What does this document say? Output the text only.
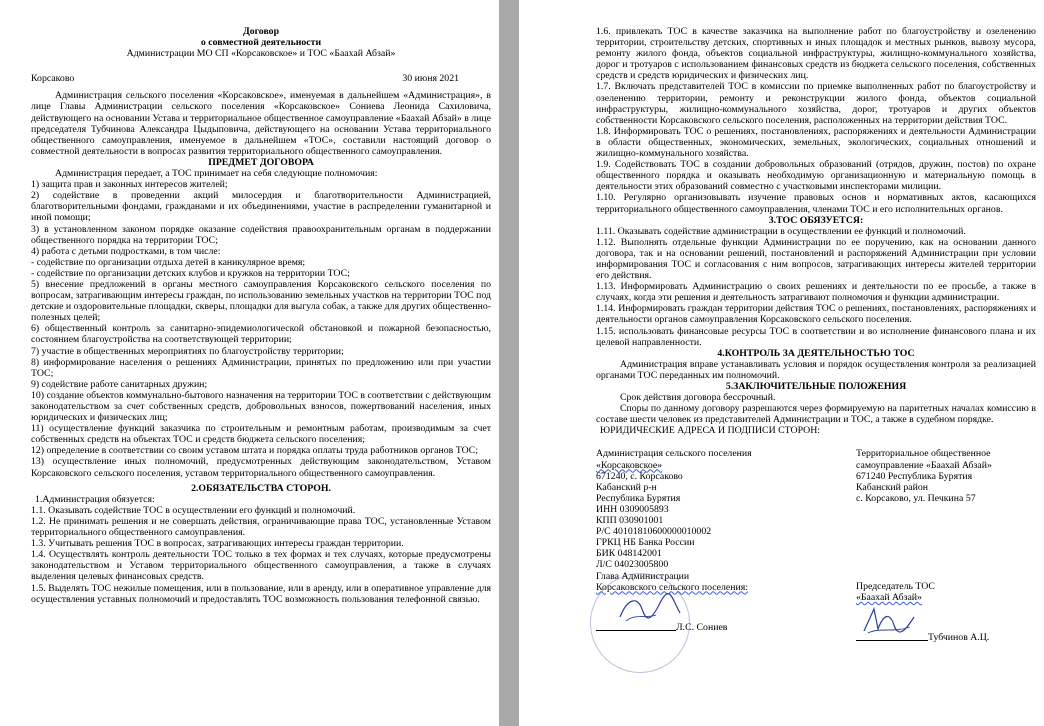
Договор
о совместной деятельности

Администрации МО СП «Корсаковское» и ТОС «Баахай Абзай»

Корсаково	30 июня 2021

Администрация сельского поселения «Корсаковское», именуемая в дальнейшем «Администрация», в лице Главы Администрации сельского поселения «Корсаковское» Сониева Леонида Сахиловича, действующего на основании Устава и территориальное общественное самоуправление «Баахай Абзай» в лице председателя Тубчинова Александра Цыдыповича, действующего на основании Устава территориального общественного самоуправления, именуемое в дальнейшем «ТОС», составили настоящий договор о совместной деятельности в вопросах развития территориального общественного самоуправления.

ПРЕДМЕТ ДОГОВОРА

Администрация передает, а ТОС принимает на себя следующие полномочия:

1) защита прав и законных интересов жителей;

2) содействие в проведении акций милосердия и благотворительности Администрацией, благотворительными фондами, гражданами и их объединениями, участие в распределении гуманитарной и иной помощи;

3) в установленном законом порядке оказание содействия правоохранительным органам в поддержании общественного порядка на территории ТОС;

4) работа с детьми подростками, в том числе:

- содействие по организации отдыха детей в каникулярное время;

- содействие по организации детских клубов и кружков на территории ТОС;

5) внесение предложений в органы местного самоуправления Корсаковского сельского поселения по вопросам, затрагивающим интересы граждан, по использованию земельных участков на территории ТОС под детские и оздоровительные площадки, скверы, площадки для выгула собак, а также для других общественно-полезных целей;

6) общественный контроль за санитарно-эпидемиологической обстановкой и пожарной безопасностью, состоянием благоустройства на соответствующей территории;

7) участие в общественных мероприятиях по благоустройству территории;

8) информирование населения о решениях Администрации, принятых по предложению или при участии ТОС;

9) содействие работе санитарных дружин;

10) создание объектов коммунально-бытового назначения на территории ТОС в соответствии с действующим законодательством за счет собственных средств, добровольных взносов, пожертвований населения, иных юридических и физических лиц;

11) осуществление функций заказчика по строительным и ремонтным работам, производимым за счет собственных средств на объектах ТОС и средств бюджета сельского поселения;

12) определение в соответствии со своим уставом штата и порядка оплаты труда работников органов ТОС;

13) осуществление иных полномочий, предусмотренных действующим законодательством, Уставом Корсаковского сельского поселения, уставом территориального общественного самоуправления.

2.ОБЯЗАТЕЛЬСТВА СТОРОН.

1.Администрация обязуется:

1.1. Оказывать содействие ТОС в осуществлении его функций и полномочий.

1.2. Не принимать решения и не совершать действия, ограничивающие права ТОС, установленные Уставом территориального общественного самоуправления.

1.3. Учитывать решения ТОС в вопросах, затрагивающих интересы граждан территории.

1.4. Осуществлять контроль деятельности ТОС только в тех формах и тех случаях, которые предусмотрены законодательством и Уставом территориального общественного самоуправления, а также в случаях выделения целевых финансовых средств.

1.5. Выделять ТОС нежилые помещения, или в пользование, или в аренду, или в оперативное управление для осуществления уставных полномочий и предоставлять ТОС возможность пользования телефонной связью.

1.6. привлекать ТОС в качестве заказчика на выполнение работ по благоустройству и озеленению территории, строительству детских, спортивных и иных площадок и местных рынков, вывозу мусора, ремонту жилого фонда, объектов социальной инфраструктуры, жилищно-коммунального хозяйства, дорог и тротуаров с использованием финансовых средств из бюджета сельского поселения, собственных средств и средств юридических и физических лиц.

1.7. Включать представителей ТОС в комиссии по приемке выполненных работ по благоустройству и озеленению территории, ремонту и реконструкции жилого фонда, объектов социальной инфраструктуры, жилищно-коммунального хозяйства, дорог, тротуаров и других объектов собственности Корсаковского сельского поселения, расположенных на территории действия ТОС.

1.8. Информировать ТОС о решениях, постановлениях, распоряжениях и деятельности Администрации в области общественных, экономических, земельных, экологических, социальных отношений и жилищно-коммунального хозяйства.

1.9. Содействовать ТОС в создании добровольных образований (отрядов, дружин, постов) по охране общественного порядка и оказывать необходимую организационную и материальную помощь в деятельности этих образований совместно с участковыми инспекторами милиции.

1.10. Регулярно организовывать изучение правовых основ и нормативных актов, касающихся территориального общественного самоуправления, членами ТОС и его исполнительных органов.

3.ТОС ОБЯЗУЕТСЯ:

1.11. Оказывать содействие администрации в осуществлении ее функций и полномочий.

1.12. Выполнять отдельные функции Администрации по ее поручению, как на основании данного договора, так и на основании решений, постановлений и распоряжений Администрации при условии информирования ТОС и согласования с ним вопросов, затрагивающих интересы жителей территории его действия.

1.13. Информировать Администрацию о своих решениях и деятельности по ее просьбе, а также в случаях, когда эти решения и деятельность затрагивают полномочия и функции администрации.

1.14. Информировать граждан территории действия ТОС о решениях, постановлениях, распоряжениях и деятельности органов самоуправления Корсаковского сельского поселения.

1.15. использовать финансовые ресурсы ТОС в соответствии и во исполнение финансового плана и их целевой направленности.

4.КОНТРОЛЬ ЗА ДЕЯТЕЛЬНОСТЬЮ ТОС

Администрация вправе устанавливать условия и порядок осуществления контроля за реализацией органами ТОС переданных им полномочий.

5.ЗАКЛЮЧИТЕЛЬНЫЕ ПОЛОЖЕНИЯ

Срок действия договора бессрочный.

Споры по данному договору разрешаются через формируемую на паритетных началах комиссию в составе шести человек из представителей Администрации и ТОС, а также в судебном порядке.

ЮРИДИЧЕСКИЕ АДРЕСА И ПОДПИСИ СТОРОН:

Администрация сельского поселения
«Корсаковское»
671240, с. Корсаково
Кабанский р-н
Республика Бурятия
ИНН 0309005893
КПП 030901001
Р/С 40101810600000010002
ГРКЦ НБ Банка России
БИК 048142001
Л/С 04023005800
Глава Администрации
Корсаковского сельского поселения:
Л.С. Сониев
Территориальное общественное
самоуправление «Баахай Абзай»
671240 Республика Бурятия
Кабанский район
с. Корсаково, ул. Печкина 57
Председатель ТОС
«Баахай Абзай»
Тубчинов А.Ц.
